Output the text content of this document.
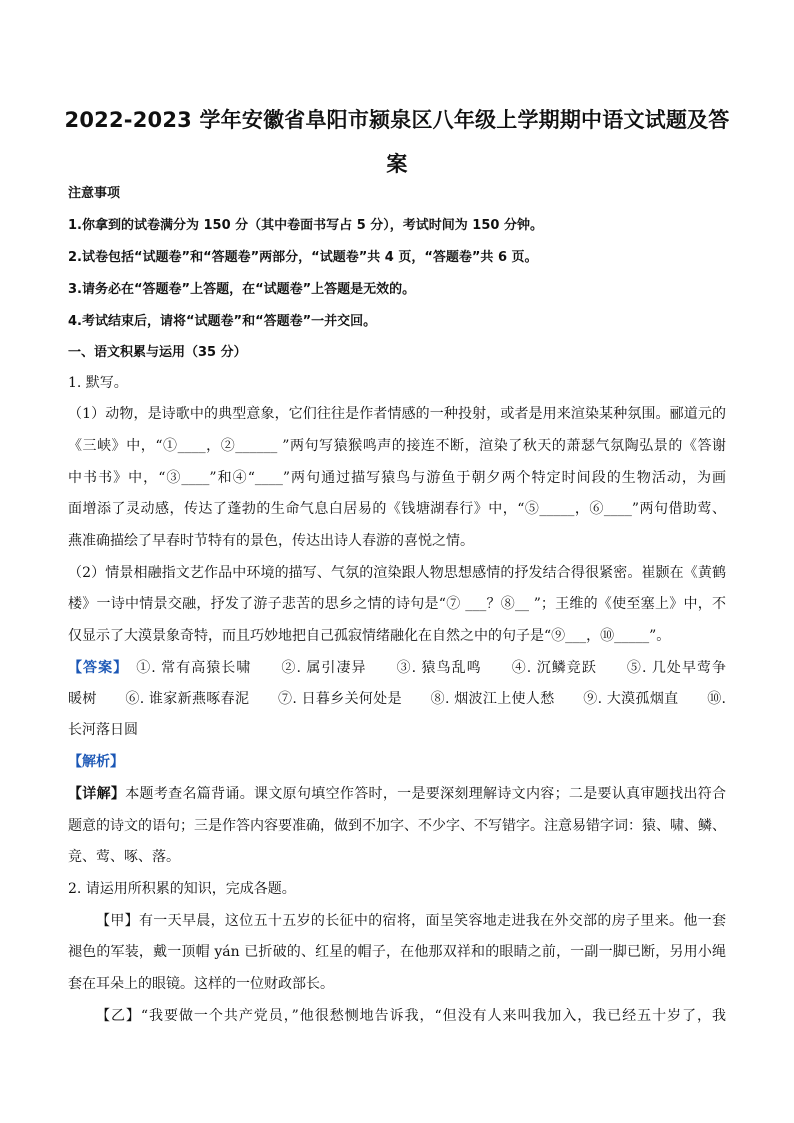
2022-2023 学年安徽省阜阳市颍泉区八年级上学期期中语文试题及答
案
注意事项
1.你拿到的试卷满分为 150 分（其中卷面书写占 5 分），考试时间为 150 分钟。
2.试卷包括“试题卷”和“答题卷”两部分，“试题卷”共 4 页，“答题卷”共 6 页。
3.请务必在“答题卷”上答题，在“试题卷”上答题是无效的。
4.考试结束后，请将“试题卷”和“答题卷”一并交回。
一、语文积累与运用（35 分）
1. 默写。
（1）动物，是诗歌中的典型意象，它们往往是作者情感的一种投射，或者是用来渲染某种氛围。郦道元的
《三峡》中，“①____，②______ ”两句写猿猴鸣声的接连不断，渲染了秋天的萧瑟气氛陶弘景的《答谢
中书书》中，“③____”和④“____”两句通过描写猿鸟与游鱼于朝夕两个特定时间段的生物活动，为画
面增添了灵动感，传达了蓬勃的生命气息白居易的《钱塘湖春行》中，“⑤_____，⑥____”两句借助莺、
燕准确描绘了早春时节特有的景色，传达出诗人春游的喜悦之情。
（2）情景相融指文艺作品中环境的描写、气氛的渲染跟人物思想感情的抒发结合得很紧密。崔颢在《黄鹤
楼》一诗中情景交融，抒发了游子悲苦的思乡之情的诗句是“⑦ ___？⑧__ ”；王维的《使至塞上》中，不
仅显示了大漠景象奇特，而且巧妙地把自己孤寂情绪融化在自然之中的句子是“⑨___，⑩_____”。
【答案】　 ①. 常有高猿长啸　　②. 属引凄异　　③. 猿鸟乱鸣　　④. 沉鳞竞跃　　⑤. 几处早莺争
暖树　　⑥. 谁家新燕啄春泥　　⑦. 日暮乡关何处是　　⑧. 烟波江上使人愁　　⑨. 大漠孤烟直　　⑩.
长河落日圆
【解析】
【详解】本题考查名篇背诵。课文原句填空作答时，一是要深刻理解诗文内容；二是要认真审题找出符合
题意的诗文的语句；三是作答内容要准确，做到不加字、不少字、不写错字。注意易错字词：猿、啸、鳞、
竞、莺、啄、落。
2. 请运用所积累的知识，完成各题。
【甲】有一天早晨，这位五十五岁的长征中的宿将，面呈笑容地走进我在外交部的房子里来。他一套
褪色的军装，戴一顶帽 yán 已折破的、红星的帽子，在他那双祥和的眼睛之前，一副一脚已断，另用小绳
套在耳朵上的眼镜。这样的一位财政部长。
【乙】“我要做一个共产党员，”他很愁恻地告诉我，“但没有人来叫我加入，我已经五十岁了，我
